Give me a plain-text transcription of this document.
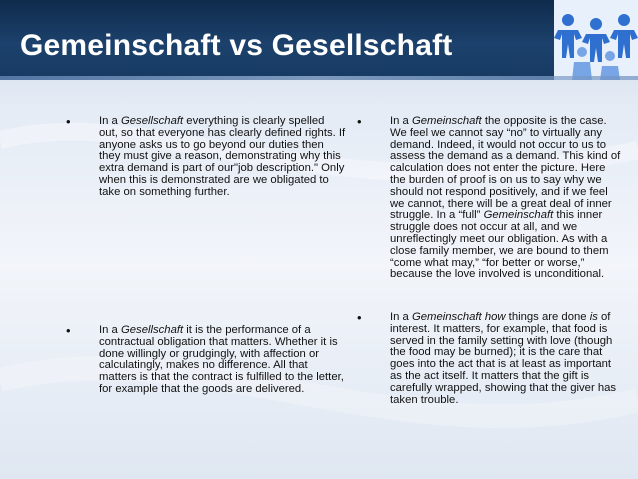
Gemeinschaft vs Gesellschaft
•	In a Gesellschaft everything is clearly spelled out, so that everyone has clearly defined rights. If anyone asks us to go beyond our duties then they must give a reason, demonstrating why this extra demand is part of our"job description." Only when this is demonstrated are we obligated to take on something further.
•	In a Gesellschaft it is the performance of a contractual obligation that matters. Whether it is done willingly or grudgingly, with affection or calculatingly, makes no difference. All that matters is that the contract is fulfilled to the letter, for example that the goods are delivered.
•	In a Gemeinschaft the opposite is the case. We feel we cannot say “no” to virtually any demand. Indeed, it would not occur to us to assess the demand as a demand. This kind of calculation does not enter the picture. Here the burden of proof is on us to say why we should not respond positively, and if we feel we cannot, there will be a great deal of inner struggle. In a “full” Gemeinschaft this inner struggle does not occur at all, and we unreflectingly meet our obligation. As with a close family member, we are bound to them “come what may,” “for better or worse,” because the love involved is unconditional.
•	In a Gemeinschaft how things are done is of interest. It matters, for example, that food is served in the family setting with love (though the food may be burned); it is the care that goes into the act that is at least as important as the act itself. It matters that the gift is carefully wrapped, showing that the giver has taken trouble.
